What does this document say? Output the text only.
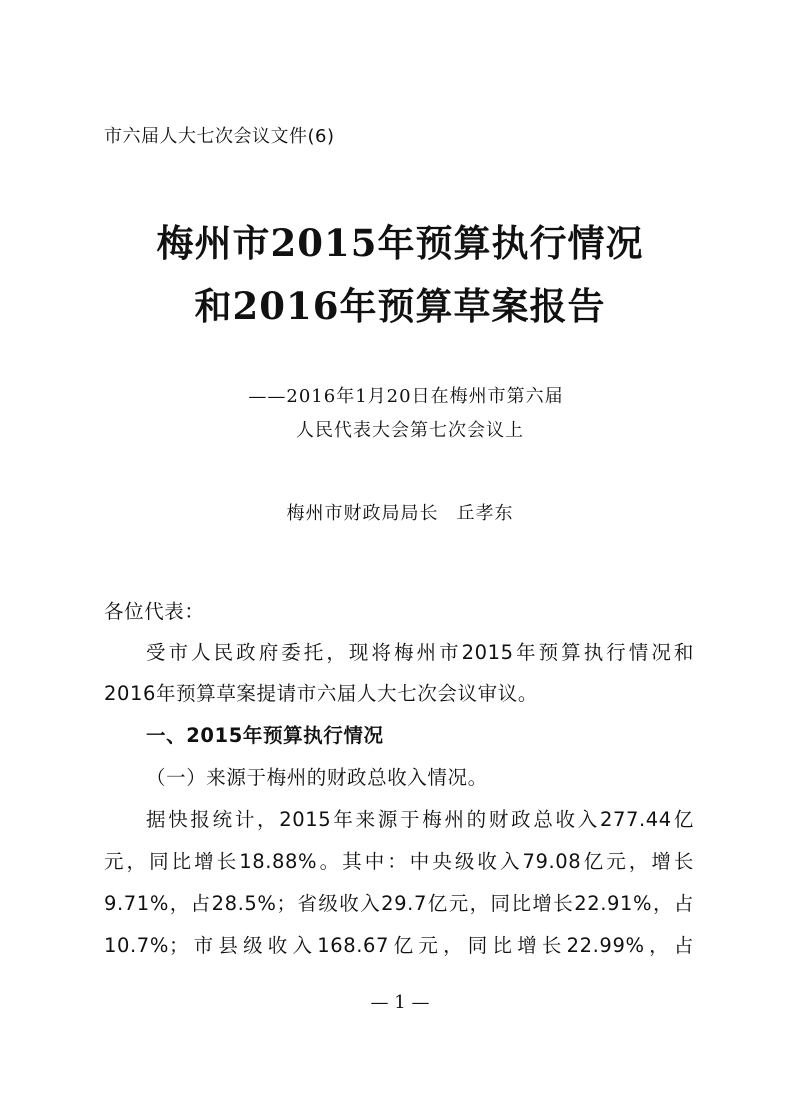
市六届人大七次会议文件(6)
梅州市2015年预算执行情况
和2016年预算草案报告
——2016年1月20日在梅州市第六届
人民代表大会第七次会议上
梅州市财政局局长 丘孝东
各位代表：
受市人民政府委托，现将梅州市2015年预算执行情况和
2016年预算草案提请市六届人大七次会议审议。
一、2015年预算执行情况
（一）来源于梅州的财政总收入情况。
据快报统计，2015年来源于梅州的财政总收入277.44亿
元，同比增长18.88%。其中：中央级收入79.08亿元，增长
9.71%，占28.5%；省级收入29.7亿元，同比增长22.91%，占
10.7%；市县级收入168.67亿元，同比增长22.99%，占
— 1 —
